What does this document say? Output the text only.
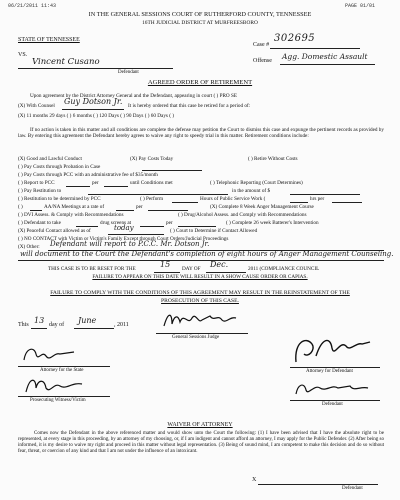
06/21/2011 11:43	PAGE 01/01
IN THE GENERAL SESSIONS COURT OF RUTHERFORD COUNTY, TENNESSEE
16TH JUDICIAL DISTRICT AT MURFREESBORO
STATE OF TENNESSEE
VS.
Vincent Cusano
Defendant
Case #
302695
Offense Agg. Domestic Assault
AGREED ORDER OF RETIREMENT
Upon agreement by the District Attorney General and the Defendant, appearing in court ( ) PRO SE
(X) With Counsel Guy Dotson Jr. It is hereby ordered that this case be retired for a period of:
(X) 11 months 29 days ( ) 6 months ( ) 120 Days ( ) 90 Days ( ) 60 Days ( )
If no action is taken in this matter and all conditions are complete the defense may petition the Court to dismiss this case and expunge the pertinent records as provided by law. By entering this agreement the Defendant hereby agrees to waive any right to speedy trial in this matter. Retirement conditions include:
(X) Good and Lawful Conduct	(X) Pay Costs Today	( ) Retire Without Costs
( ) Pay Costs through Probation in Case
( ) Pay Costs through PCC with an administrative fee of $35/month
( ) Report to PCC	per	until Conditions met	( ) Telephonic Reporting (Court Determines)
( ) Pay Restitution to	in the amount of $
( ) Restitution to be determined by PCC	( ) Perform	Hours of Public Service Work (	hrs per
( )	AA/NA Meetings at a rate of	per	(X) Complete 8 Week Anger Management Course
( ) DVI Assess. & Comply with Recommendations	( ) Drug/Alcohol Assess. and Comply with Recommendations
( ) Defendant to take	drug screens at	per	( ) Complete 26 week Batterer's Intervention
(X) Peaceful Contact allowed as of	today	( ) Court to Determine if Contact Allowed
( ) NO CONTACT with Victim or Victim's Family Except through Court Orders/Judicial Proceedings
(X) Other: Defendant will report to P.C.C. Mr. Dotson Jr.
will document to the Court the Defendant's completion of eight hours of Anger Management Counseling.
THIS CASE IS TO BE RESET FOR THE	15 DAY OF Dec.	2011 (COMPLIANCE COUNCIL
FAILURE TO APPEAR ON THIS DATE WILL RESULT IN A SHOW CAUSE ORDER OR CAPIAS.
FAILURE TO COMPLY WITH THE CONDITIONS OF THIS AGREEMENT MAY RESULT IN THE REINSTATEMENT OF THE
PROSECUTION OF THIS CASE.
This 13 day of June	, 2011
General Sessions Judge
Attorney for the State	Attorney for Defendant
Prosecuting Witness/Victim
Defendant
WAIVER OF ATTORNEY
Comes now the Defendant in the above referenced matter and would show unto the Court the following: (1) I have been advised that I have the absolute right to be represented, at every stage in this proceeding, by an attorney of my choosing, or, if I am indigent and cannot afford an attorney, I may apply for the Public Defender. (2) After being so informed, it is my desire to waive my right and proceed in this matter without legal representation. (3) Being of sound mind, I am competent to make this decision and do so without fear, threat, or coercion of any kind and that I am not under the influence of an intoxicant.
X
Defendant
